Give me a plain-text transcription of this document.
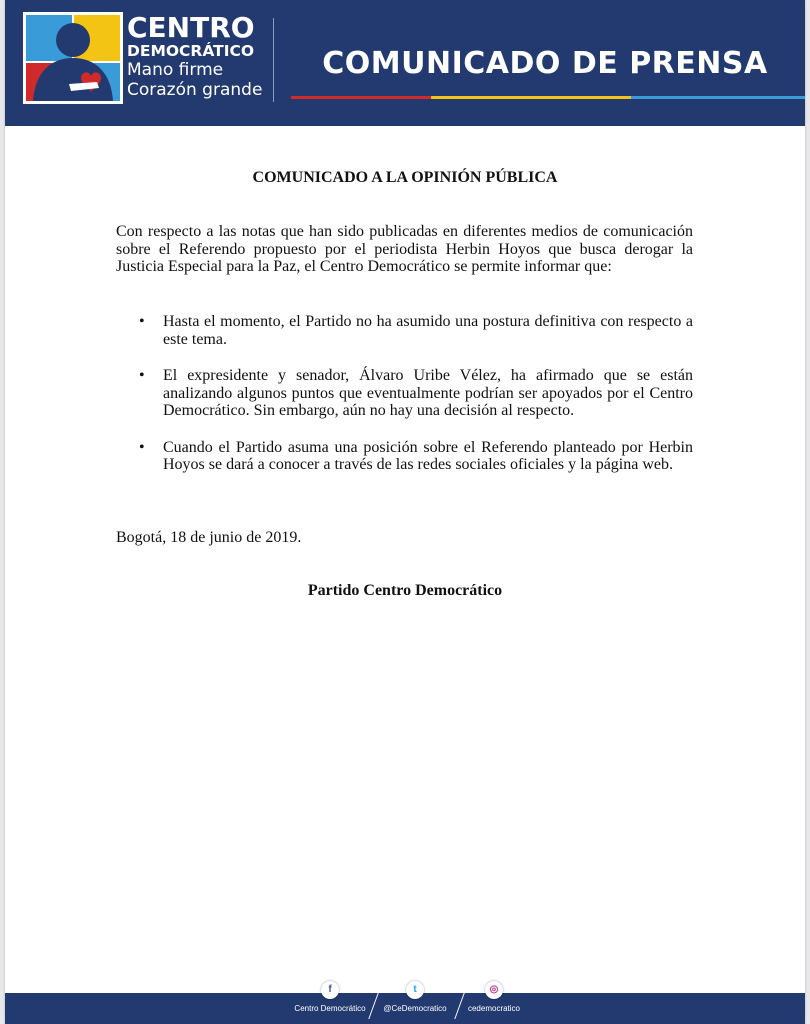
CENTRO
DEMOCRÁTICO
Mano firme
Corazón grande
COMUNICADO DE PRENSA
COMUNICADO A LA OPINIÓN PÚBLICA

Con respecto a las notas que han sido publicadas en diferentes medios de comunicación sobre el Referendo propuesto por el periodista Herbin Hoyos que busca derogar la Justicia Especial para la Paz, el Centro Democrático se permite informar que:

• Hasta el momento, el Partido no ha asumido una postura definitiva con respecto a este tema.
• El expresidente y senador, Álvaro Uribe Vélez, ha afirmado que se están analizando algunos puntos que eventualmente podrían ser apoyados por el Centro Democrático. Sin embargo, aún no hay una decisión al respecto.
• Cuando el Partido asuma una posición sobre el Referendo planteado por Herbin Hoyos se dará a conocer a través de las redes sociales oficiales y la página web.
Bogotá, 18 de junio de 2019.
Partido Centro Democrático
f
Centro Democrático
t
@CeDemocratico
◎
cedemocratico
